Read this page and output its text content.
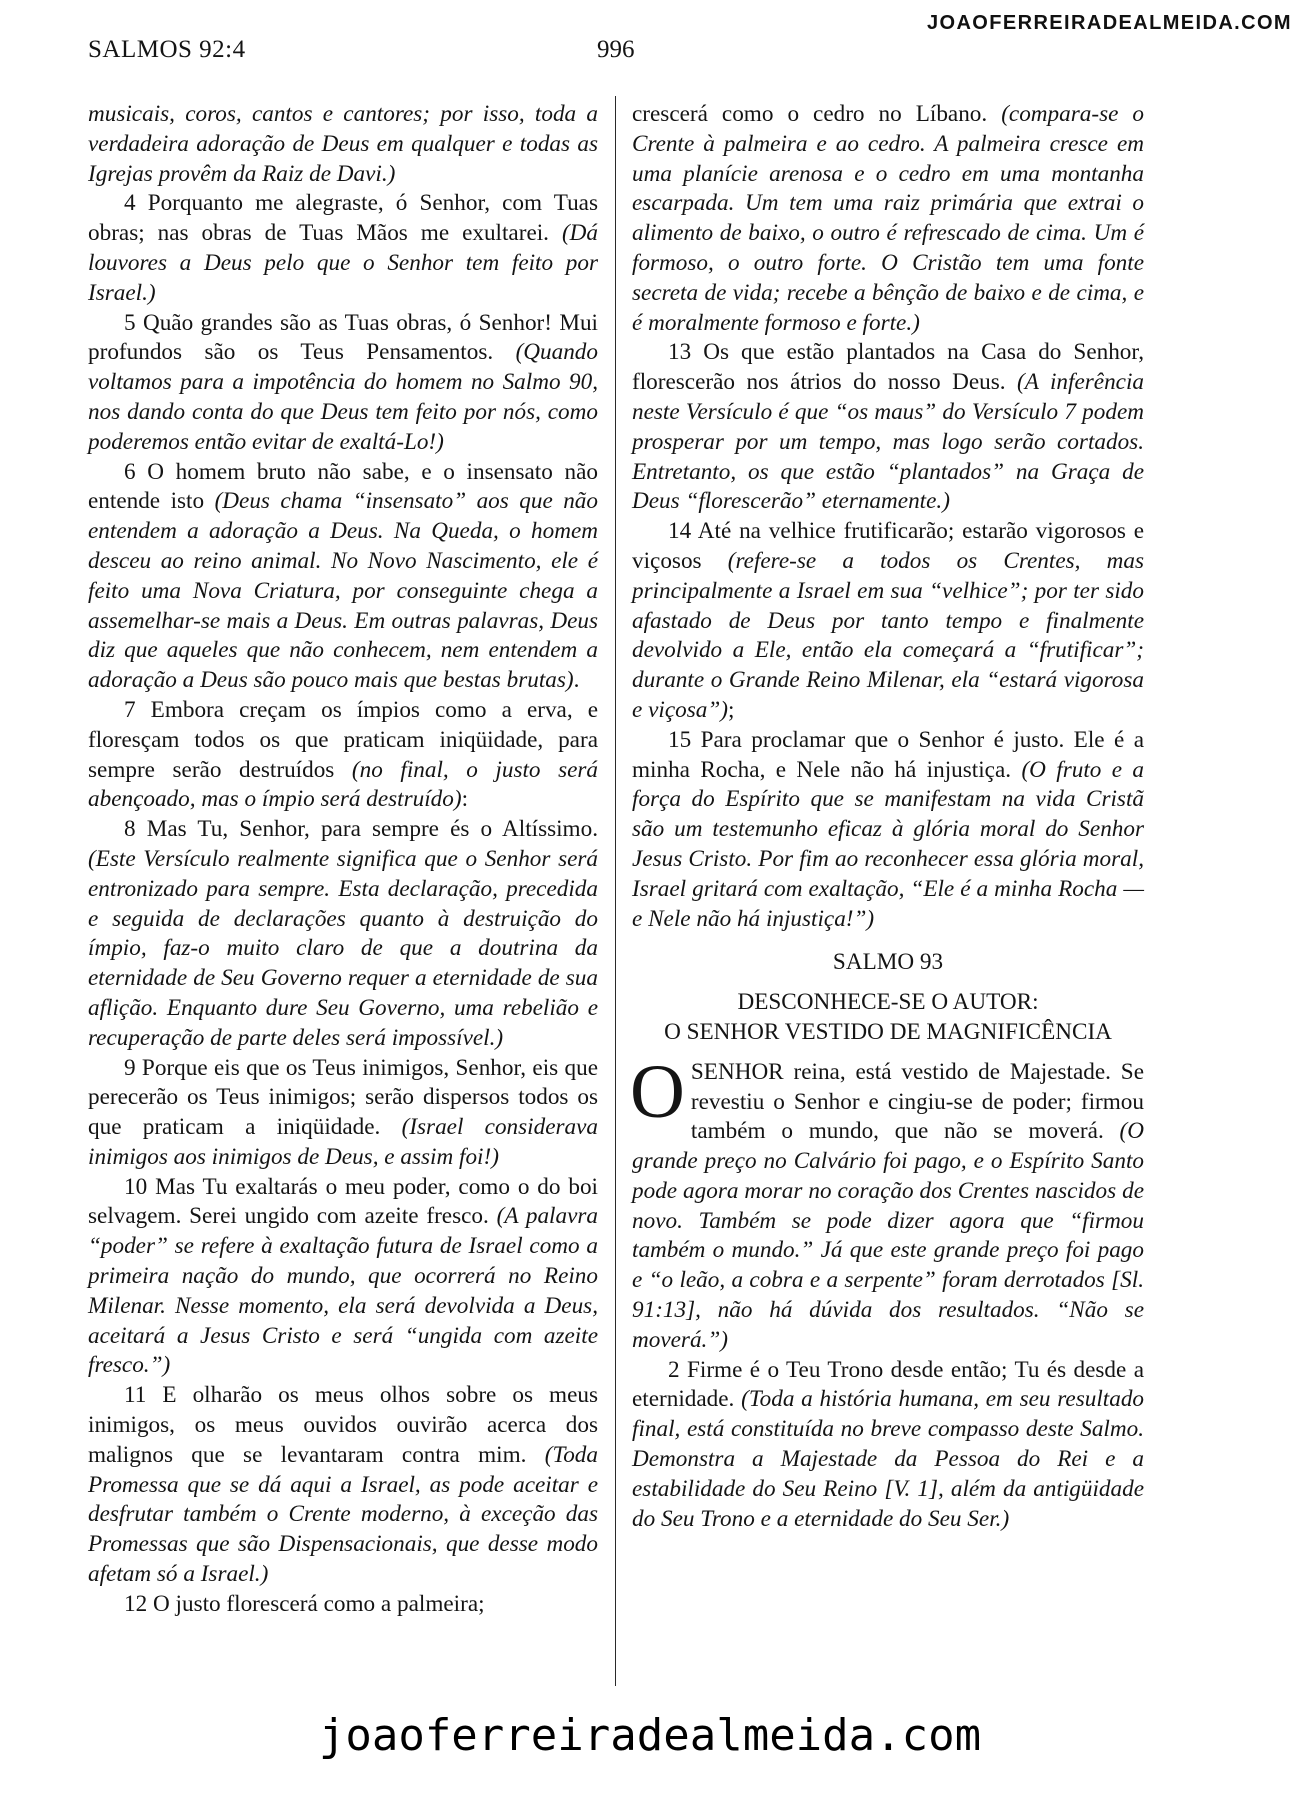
JOAOFERREIRADEALMEIDA.COM
SALMOS 92:4	996

musicais, coros, cantos e cantores; por isso, toda a verdadeira adoração de Deus em qualquer e todas as Igrejas provêm da Raiz de Davi.)

4 Porquanto me alegraste, ó Senhor, com Tuas obras; nas obras de Tuas Mãos me exultarei. (Dá louvores a Deus pelo que o Senhor tem feito por Israel.)

5 Quão grandes são as Tuas obras, ó Senhor! Mui profundos são os Teus Pensamentos. (Quando voltamos para a impotência do homem no Salmo 90, nos dando conta do que Deus tem feito por nós, como poderemos então evitar de exaltá-Lo!)

6 O homem bruto não sabe, e o insensato não entende isto (Deus chama “insensato” aos que não entendem a adoração a Deus. Na Queda, o homem desceu ao reino animal. No Novo Nascimento, ele é feito uma Nova Criatura, por conseguinte chega a assemelhar-se mais a Deus. Em outras palavras, Deus diz que aqueles que não conhecem, nem entendem a adoração a Deus são pouco mais que bestas brutas).

7 Embora creçam os ímpios como a erva, e floresçam todos os que praticam iniqüidade, para sempre serão destruídos (no final, o justo será abençoado, mas o ímpio será destruído):

8 Mas Tu, Senhor, para sempre és o Altíssimo. (Este Versículo realmente significa que o Senhor será entronizado para sempre. Esta declaração, precedida e seguida de declarações quanto à destruição do ímpio, faz-o muito claro de que a doutrina da eternidade de Seu Governo requer a eternidade de sua aflição. Enquanto dure Seu Governo, uma rebelião e recuperação de parte deles será impossível.)

9 Porque eis que os Teus inimigos, Senhor, eis que perecerão os Teus inimigos; serão dispersos todos os que praticam a iniqüidade. (Israel considerava inimigos aos inimigos de Deus, e assim foi!)

10 Mas Tu exaltarás o meu poder, como o do boi selvagem. Serei ungido com azeite fresco. (A palavra “poder” se refere à exaltação futura de Israel como a primeira nação do mundo, que ocorrerá no Reino Milenar. Nesse momento, ela será devolvida a Deus, aceitará a Jesus Cristo e será “ungida com azeite fresco.”)

11 E olharão os meus olhos sobre os meus inimigos, os meus ouvidos ouvirão acerca dos malignos que se levantaram contra mim. (Toda Promessa que se dá aqui a Israel, as pode aceitar e desfrutar também o Crente moderno, à exceção das Promessas que são Dispensacionais, que desse modo afetam só a Israel.)

12 O justo florescerá como a palmeira;

crescerá como o cedro no Líbano. (compara-se o Crente à palmeira e ao cedro. A palmeira cresce em uma planície arenosa e o cedro em uma montanha escarpada. Um tem uma raiz primária que extrai o alimento de baixo, o outro é refrescado de cima. Um é formoso, o outro forte. O Cristão tem uma fonte secreta de vida; recebe a bênção de baixo e de cima, e é moralmente formoso e forte.)

13 Os que estão plantados na Casa do Senhor, florescerão nos átrios do nosso Deus. (A inferência neste Versículo é que “os maus” do Versículo 7 podem prosperar por um tempo, mas logo serão cortados. Entretanto, os que estão “plantados” na Graça de Deus “florescerão” eternamente.)

14 Até na velhice frutificarão; estarão vigorosos e viçosos (refere-se a todos os Crentes, mas principalmente a Israel em sua “velhice”; por ter sido afastado de Deus por tanto tempo e finalmente devolvido a Ele, então ela começará a “frutificar”; durante o Grande Reino Milenar, ela “estará vigorosa e viçosa”);

15 Para proclamar que o Senhor é justo. Ele é a minha Rocha, e Nele não há injustiça. (O fruto e a força do Espírito que se manifestam na vida Cristã são um testemunho eficaz à glória moral do Senhor Jesus Cristo. Por fim ao reconhecer essa glória moral, Israel gritará com exaltação, “Ele é a minha Rocha — e Nele não há injustiça!”)

SALMO 93
DESCONHECE-SE O AUTOR:
O SENHOR VESTIDO DE MAGNIFICÊNCIA

O SENHOR reina, está vestido de Majestade. Se revestiu o Senhor e cingiu-se de poder; firmou também o mundo, que não se moverá. (O grande preço no Calvário foi pago, e o Espírito Santo pode agora morar no coração dos Crentes nascidos de novo. Também se pode dizer agora que “firmou também o mundo.” Já que este grande preço foi pago e “o leão, a cobra e a serpente” foram derrotados [Sl. 91:13], não há dúvida dos resultados. “Não se moverá.”)

2 Firme é o Teu Trono desde então; Tu és desde a eternidade. (Toda a história humana, em seu resultado final, está constituída no breve compasso deste Salmo. Demonstra a Majestade da Pessoa do Rei e a estabilidade do Seu Reino [V. 1], além da antigüidade do Seu Trono e a eternidade do Seu Ser.)

joaoferreiradealmeida.com
